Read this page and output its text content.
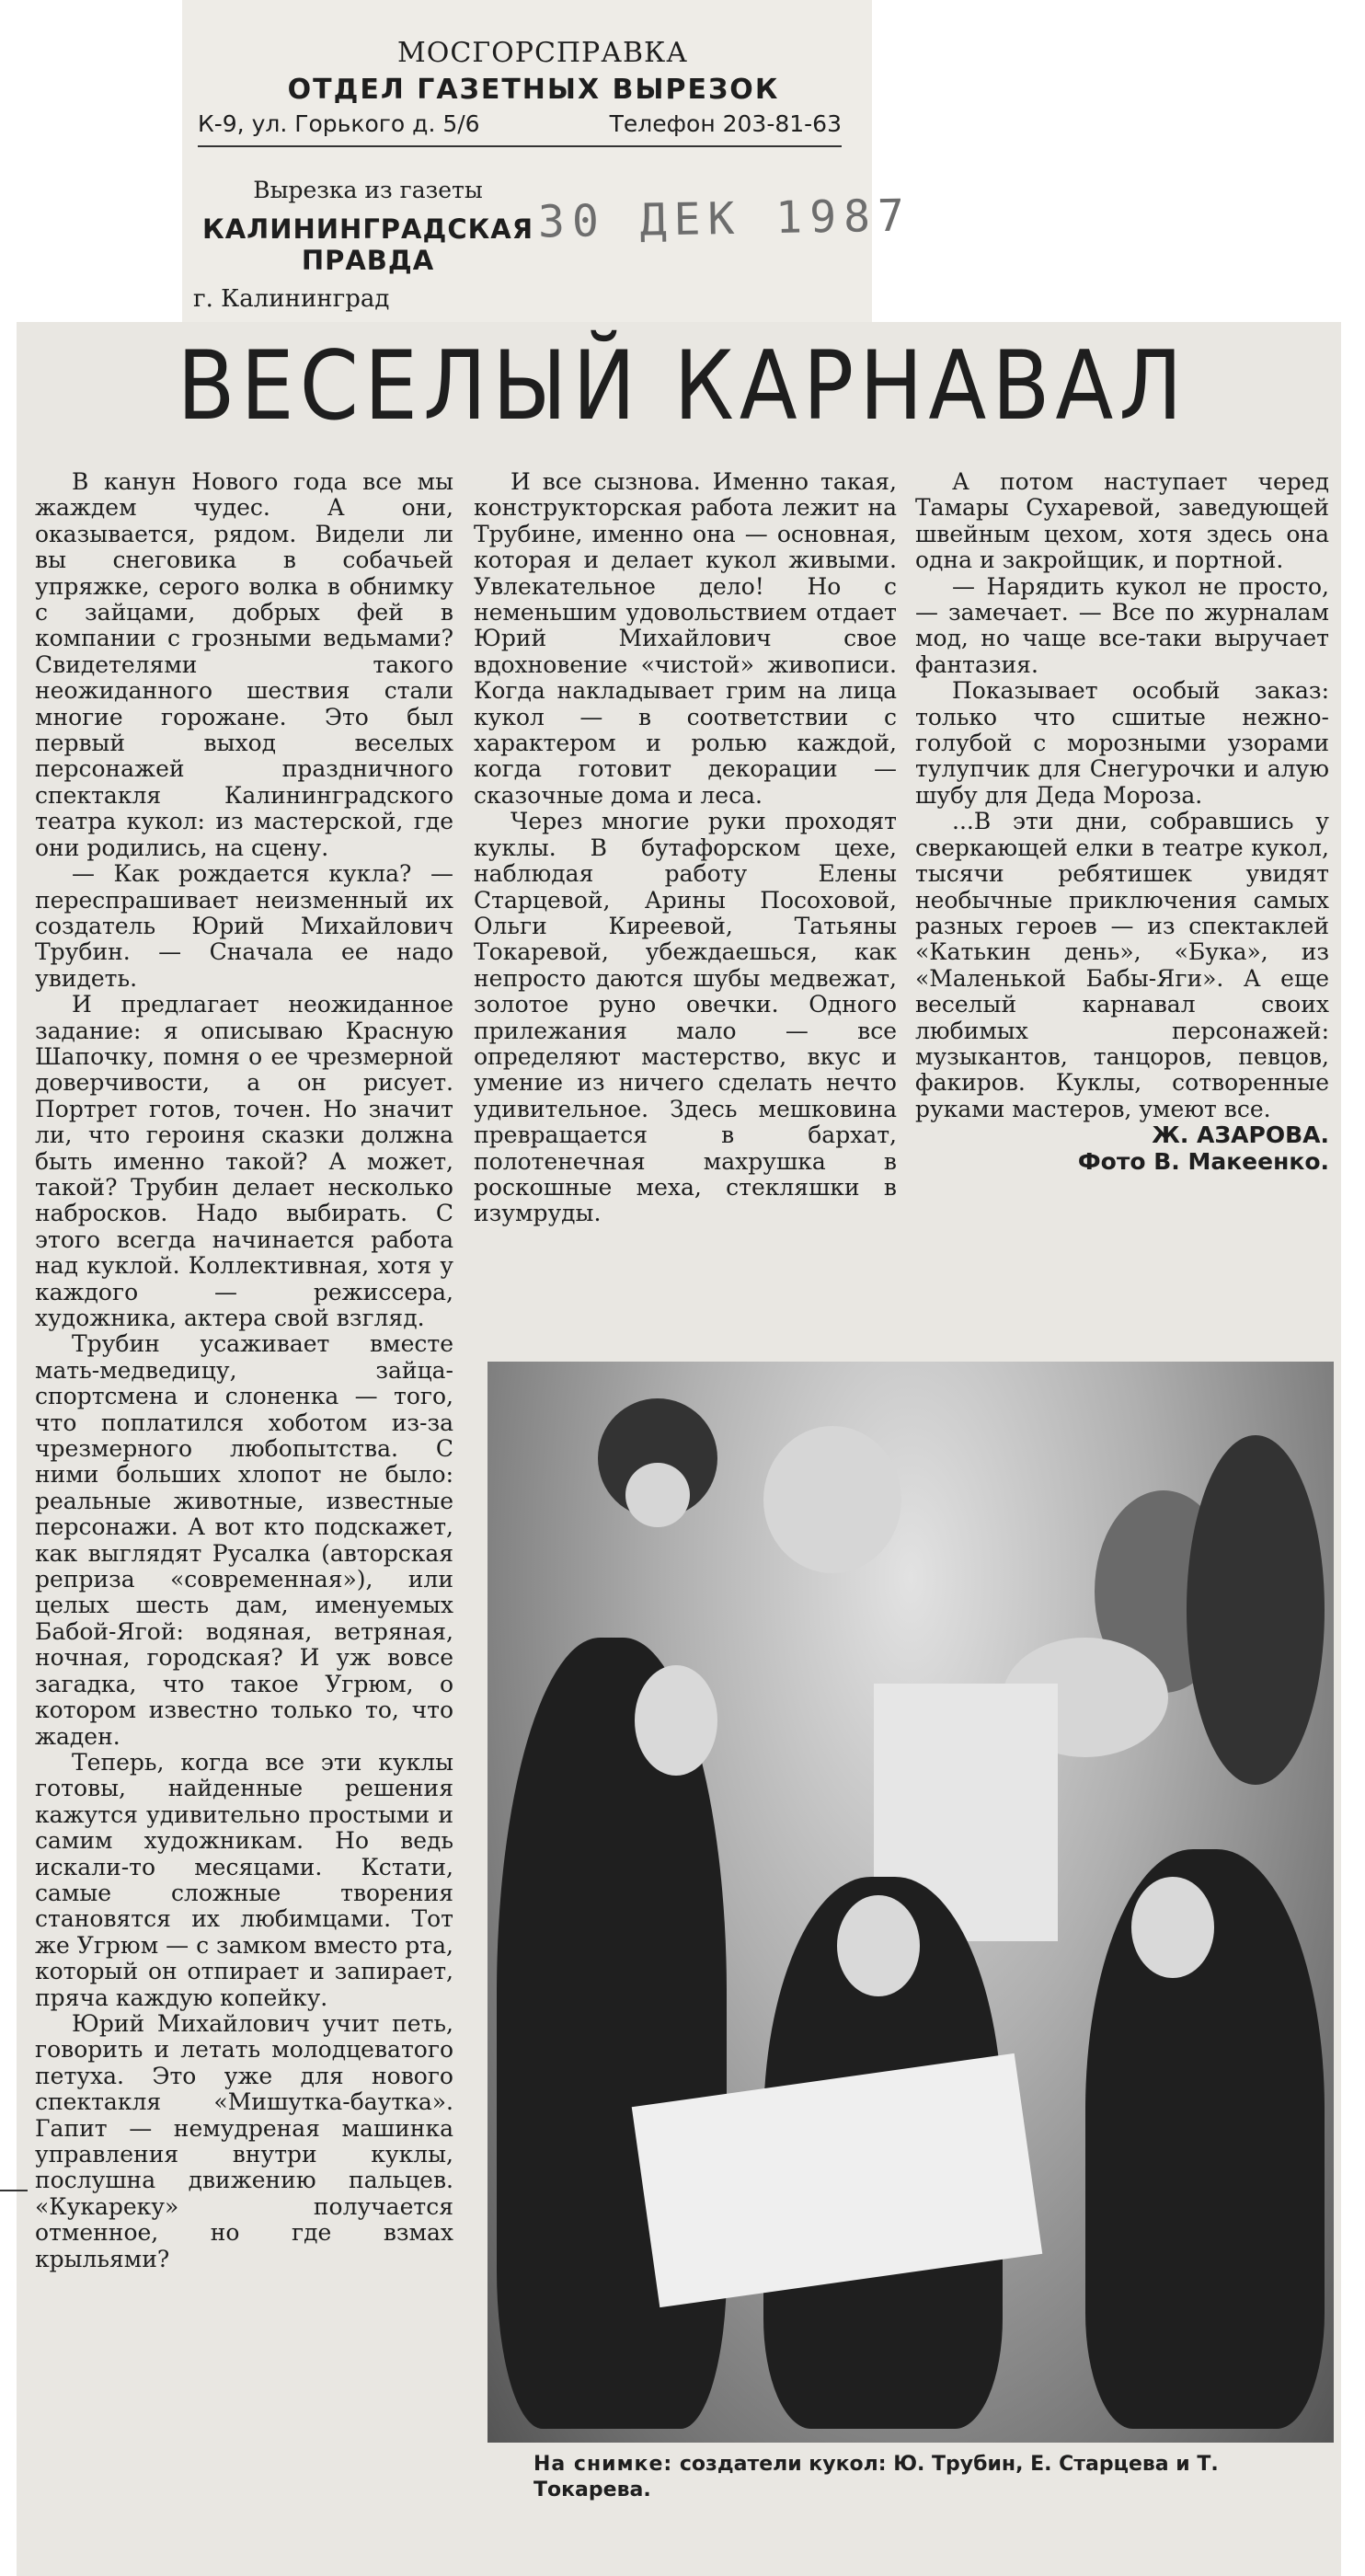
МОСГОРСПРАВКА
ОТДЕЛ ГАЗЕТНЫХ ВЫРЕЗОК
К-9, ул. Горького д. 5/6	Телефон 203-81-63
Вырезка из газеты
КАЛИНИНГРАДСКАЯ ПРАВДА
г. Калининград
30 ДЕК 1987
ВЕСЕЛЫЙ КАРНАВАЛ

В канун Нового года все мы жаждем чудес. А они, оказывается, рядом. Видели ли вы снеговика в собачьей упряжке, серого волка в обнимку с зайцами, добрых фей в компании с грозными ведьмами? Свидетелями такого неожиданного шествия стали многие горожане. Это был первый выход веселых персонажей праздничного спектакля Калининградского театра кукол: из мастерской, где они родились, на сцену.

— Как рождается кукла? — переспрашивает неизменный их создатель Юрий Михайлович Трубин. — Сначала ее надо увидеть.

И предлагает неожиданное задание: я описываю Красную Шапочку, помня о ее чрезмерной доверчивости, а он рисует. Портрет готов, точен. Но значит ли, что героиня сказки должна быть именно такой? А может, такой? Трубин делает несколько набросков. Надо выбирать. С этого всегда начинается работа над куклой. Коллективная, хотя у каждого — режиссера, художника, актера свой взгляд.

Трубин усаживает вместе мать-медведицу, зайца-спортсмена и слоненка — того, что поплатился хоботом из-за чрезмерного любопытства. С ними больших хлопот не было: реальные животные, известные персонажи. А вот кто подскажет, как выглядят Русалка (авторская реприза «современная»), или целых шесть дам, именуемых Бабой-Ягой: водяная, ветряная, ночная, городская? И уж вовсе загадка, что такое Угрюм, о котором известно только то, что жаден.

Теперь, когда все эти куклы готовы, найденные решения кажутся удивительно простыми и самим художникам. Но ведь искали-то месяцами. Кстати, самые сложные творения становятся их любимцами. Тот же Угрюм — с замком вместо рта, который он отпирает и запирает, пряча каждую копейку.

Юрий Михайлович учит петь, говорить и летать молодцеватого петуха. Это уже для нового спектакля «Мишутка-баутка». Гапит — немудреная машинка управления внутри куклы, послушна движению пальцев. «Кукареку» получается отменное, но где взмах крыльями?

И все сызнова. Именно такая, конструкторская работа лежит на Трубине, именно она — основная, которая и делает кукол живыми. Увлекательное дело! Но с неменьшим удовольствием отдает Юрий Михайлович свое вдохновение «чистой» живописи. Когда накладывает грим на лица кукол — в соответствии с характером и ролью каждой, когда готовит декорации — сказочные дома и леса.

Через многие руки проходят куклы. В бутафорском цехе, наблюдая работу Елены Старцевой, Арины Посоховой, Ольги Киреевой, Татьяны Токаревой, убеждаешься, как непросто даются шубы медвежат, золотое руно овечки. Одного прилежания мало — все определяют мастерство, вкус и умение из ничего сделать нечто удивительное. Здесь мешковина превращается в бархат, полотенечная махрушка в роскошные меха, стекляшки в изумруды.

А потом наступает черед Тамары Сухаревой, заведующей швейным цехом, хотя здесь она одна и закройщик, и портной.

— Нарядить кукол не просто, — замечает. — Все по журналам мод, но чаще все-таки выручает фантазия.

Показывает особый заказ: только что сшитые нежно-голубой с морозными узорами тулупчик для Снегурочки и алую шубу для Деда Мороза.

...В эти дни, собравшись у сверкающей елки в театре кукол, тысячи ребятишек увидят необычные приключения самых разных героев — из спектаклей «Катькин день», «Бука», из «Маленькой Бабы-Яги». А еще веселый карнавал своих любимых персонажей: музыкантов, танцоров, певцов, факиров. Куклы, сотворенные руками мастеров, умеют все.

Ж. АЗАРОВА.

Фото В. Макеенко.

На снимке: создатели кукол: Ю. Трубин, Е. Старцева и Т. Токарева.
